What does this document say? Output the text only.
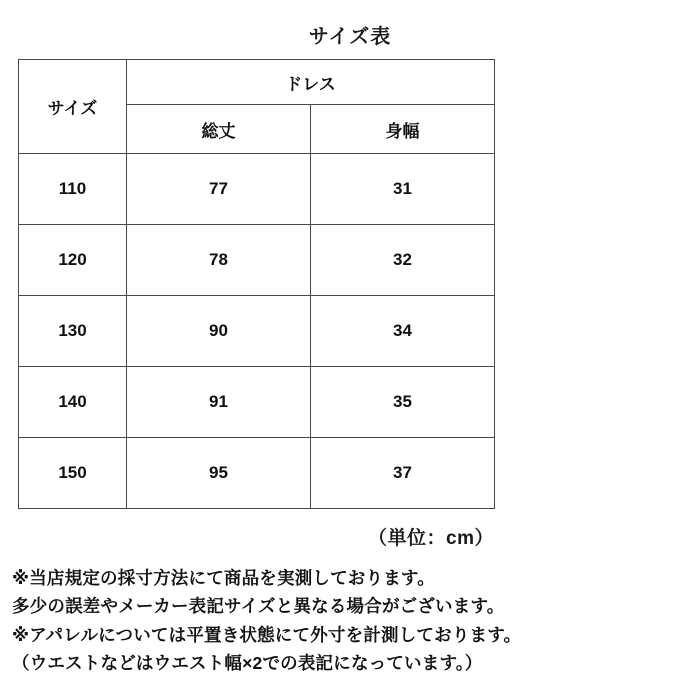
サイズ表
サイズ	ドレス	
	総丈	身幅
110	77	31
120	78	32
130	90	34
140	91	35
150	95	37
（単位：cm）
※当店規定の採寸方法にて商品を実測しております。
多少の誤差やメーカー表記サイズと異なる場合がございます。
※アパレルについては平置き状態にて外寸を計測しております。
（ウエストなどはウエスト幅×2での表記になっています。）
